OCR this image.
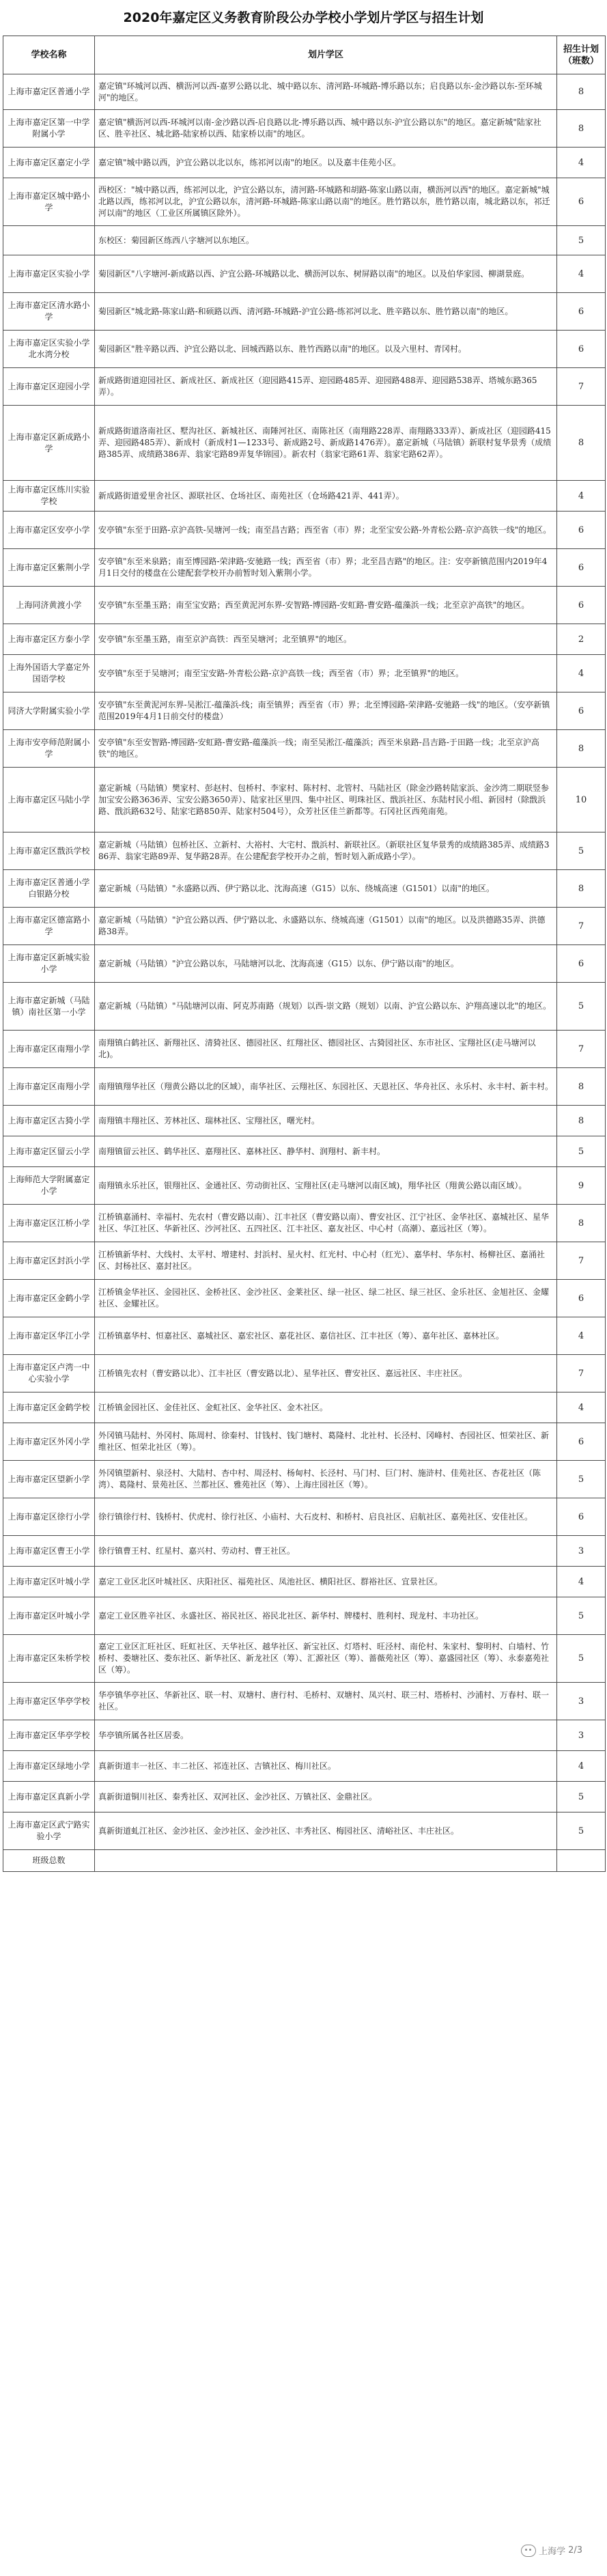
2020年嘉定区义务教育阶段公办学校小学划片学区与招生计划
学校名称	划片学区	招生计划（班数）
上海市嘉定区普通小学	嘉定镇"环城河以西、横沥河以西-嘉罗公路以北、城中路以东、清河路-环城路-博乐路以东；启良路以东-金沙路以东-至环城河"的地区。	8
上海市嘉定区第一中学附属小学	嘉定镇"横沥河以西-环城河以南-金沙路以西-启良路以北-博乐路以西、城中路以东-沪宜公路以东"的地区。嘉定新城"陆家社区、胜辛社区、城北路-陆家桥以西、陆家桥以南"的地区。	8
上海市嘉定区嘉定小学	嘉定镇"城中路以西，沪宜公路以北以东，练祁河以南"的地区。以及嘉丰佳苑小区。	4
上海市嘉定区城中路小学	西校区："城中路以西，练祁河以北，沪宜公路以东，清河路-环城路和胡路-陈家山路以南，横沥河以西"的地区。嘉定新城"城北路以西，练祁河以北，沪宜公路以东，清河路-环城路-陈家山路以南"的地区。胜竹路以东，胜竹路以南，城北路以东，祁迁河以南"的地区（工业区所属镇区除外）。	6
	东校区：菊园新区练西八字塘河以东地区。	5
上海市嘉定区实验小学	菊园新区"八字塘河-新成路以西、沪宜公路-环城路以北、横沥河以东、树屏路以南"的地区。以及伯华家园、柳湖景庭。	4
上海市嘉定区清水路小学	菊园新区"城北路-陈家山路-和硕路以西、清河路-环城路-沪宜公路-练祁河以北、胜辛路以东、胜竹路以南"的地区。	6
上海市嘉定区实验小学北水湾分校	菊园新区"胜辛路以西、沪宜公路以北、回城西路以东、胜竹西路以南"的地区。以及六里村、青冈村。	6
上海市嘉定区迎园小学	新成路街道迎园社区、新成社区、新成社区（迎园路415弄、迎园路485弄、迎园路488弄、迎园路538弄、塔城东路365弄）。	7
上海市嘉定区新成路小学	新成路街道洛南社区、墅沟社区、新城社区、南陲河社区、南陈社区（南翔路228弄、南翔路333弄）、新成社区（迎园路415弄、迎园路485弄）、新成村（新成村1—1233号、新成路2号、新成路1476弄）。嘉定新城（马陆镇）新联村复华景秀（成绩路385弄、成绩路386弄、翁家宅路89弄复华锦园）。新农村（翁家宅路61弄、翁家宅路62弄）。	8
上海市嘉定区练川实验学校	新成路街道爱里舍社区、源联社区、仓场社区、南苑社区（仓场路421弄、441弄）。	4
上海市嘉定区安亭小学	安亭镇"东至于田路-京沪高铁-吴塘河一线；南至昌吉路；西至省（市）界；北至宝安公路-外青松公路-京沪高铁一线"的地区。	6
上海市嘉定区紫荆小学	安亭镇"东至米泉路；南至博园路-荣津路-安驰路一线；西至省（市）界；北至昌吉路"的地区。注：安亭新镇范围内2019年4月1日交付的楼盘在公建配套学校开办前暂时划入紫荆小学。	6
上海同济黄渡小学	安亭镇"东至墨玉路；南至宝安路；西至黄泥河东界-安智路-博园路-安虹路-曹安路-蕴藻浜一线；北至京沪高铁"的地区。	6
上海市嘉定区方泰小学	安亭镇"东至墨玉路，南至京沪高铁：西至吴塘河；北至镇界"的地区。	2
上海外国语大学嘉定外国语学校	安亭镇"东至于吴塘河；南至宝安路-外青松公路-京沪高铁一线；西至省（市）界；北至镇界"的地区。	4
同济大学附属实验小学	安亭镇"东至黄泥河东界-吴淞江-蕴藻浜-线；南至镇界；西至省（市）界；北至博园路-荣津路-安驰路一线"的地区。（安亭新镇范围2019年4月1日前交付的楼盘）	6
上海市安亭师范附属小学	安亭镇"东至安智路-博园路-安虹路-曹安路-蕴藻浜一线；南至吴淞江-蕴藻浜；西至米泉路-昌吉路-于田路一线；北至京沪高铁"的地区。	8
上海市嘉定区马陆小学	嘉定新城（马陆镇）樊家村、彭赵村、包桥村、李家村、陈村村、北管村、马陆社区（除金沙路转陆家浜、金沙湾二期联竖参加宝安公路3636弄、宝安公路3650弄）、陆家社区里四、集中社区、明珠社区、戬浜社区、东陆村民小组、新园村（除戬浜路、戬浜路632号、陆家宅路850弄、陆家村504号），众芳社区佳兰新都等。石冈社区西苑南苑。	10
上海市嘉定区戬浜学校	嘉定新城（马陆镇）包桥社区、立新村、大裕村、大宅村、戬浜村、新联社区。（新联社区复华景秀的成绩路385弄、成绩路386弄、翁家宅路89弄、复华路28弄。在公建配套学校开办之前，暂时划入新成路小学）。	5
上海市嘉定区普通小学白银路分校	嘉定新城（马陆镇）"永盛路以西、伊宁路以北、沈海高速（G15）以东、绕城高速（G1501）以南"的地区。	8
上海市嘉定区德富路小学	嘉定新城（马陆镇）"沪宜公路以西、伊宁路以北、永盛路以东、绕城高速（G1501）以南"的地区。以及洪德路35弄、洪德路38弄。	7
上海市嘉定区新城实验小学	嘉定新城（马陆镇）"沪宜公路以东，马陆塘河以北、沈海高速（G15）以东、伊宁路以南"的地区。	6
上海市嘉定新城（马陆镇）南社区第一小学	嘉定新城（马陆镇）"马陆塘河以南、阿克苏南路（规划）以西-崇文路（规划）以南、沪宜公路以东、沪翔高速以北"的地区。	5
上海市嘉定区南翔小学	南翔镇白鹤社区、新翔社区、清猗社区、德园社区、红翔社区、德园社区、古猗园社区、东市社区、宝翔社区(走马塘河以北)。	7
上海市嘉定区南翔小学	南翔镇翔华社区（翔黄公路以北的区域），南华社区、云翔社区、东园社区、天恩社区、华舟社区、永乐村、永丰村、新丰村。	8
上海市嘉定区古猗小学	南翔镇丰翔社区、芳林社区、瑞林社区、宝翔社区，曙光村。	8
上海市嘉定区留云小学	南翔镇留云社区、鹤华社区、嘉翔社区、嘉林社区、静华村、润翔村、新丰村。	5
上海师范大学附属嘉定小学	南翔镇永乐社区，银翔社区、金通社区、劳动街社区、宝翔社区(走马塘河以南区域)，翔华社区（翔黄公路以南区域）。	9
上海市嘉定区江桥小学	江桥镇嘉涌村、幸福村、先农村（曹安路以南）、江丰社区（曹安路以南）、曹安社区、江宁社区、金华社区、嘉城社区、星华社区、华江社区、华新社区、沙河社区、五四社区、江丰社区、嘉友社区、中心村（高潮）、嘉远社区（筹）。	8
上海市嘉定区封浜小学	江桥镇新华村、大线村、太平村、增建村、封浜村、星火村、红光村、中心村（红光）、嘉华村、华东村、杨柳社区、嘉涌社区、封杨社区、嘉封社区。	7
上海市嘉定区金鹤小学	江桥镇金华社区、金园社区、金桥社区、金沙社区、金莱社区、绿一社区、绿二社区、绿三社区、金乐社区、金旭社区、金耀社区、金耀社区。	6
上海市嘉定区华江小学	江桥镇嘉华村、恒嘉社区、嘉城社区、嘉宏社区、嘉花社区、嘉信社区、江丰社区（筹）、嘉年社区、嘉林社区。	4
上海市嘉定区卢湾一中心实验小学	江桥镇先农村（曹安路以北）、江丰社区（曹安路以北）、星华社区、曹安社区、嘉远社区、丰庄社区。	7
上海市嘉定区金鹤学校	江桥镇金园社区、金佳社区、金虹社区、金华社区、金木社区。	4
上海市嘉定区外冈小学	外冈镇马陆村、外冈村、陈周村、徐秦村、甘钱村、钱门塘村、葛隆村、北社村、长泾村、冈峰村、杏园社区、恒荣社区、新维社区、恒荣北社区（筹）。	6
上海市嘉定区望新小学	外冈镇望新村、泉泾村、大陆村、杏中村、周泾村、杨甸村、长泾村、马门村、巨门村、施浒村、佳苑社区、杏花社区（陈湾）、葛隆村、景苑社区、兰都社区、雅苑社区（筹）、上海庄园社区（筹）。	5
上海市嘉定区徐行小学	徐行镇徐行村、钱桥村、伏虎村、徐行社区、小庙村、大石皮村、和桥村、启良社区、启航社区、嘉苑社区、安佳社区。	6
上海市嘉定区曹王小学	徐行镇曹王村、红星村、嘉兴村、劳动村、曹王社区。	3
上海市嘉定区叶城小学	嘉定工业区北区叶城社区、庆阳社区、福苑社区、凤池社区、横阳社区、群裕社区、宜景社区。	4
上海市嘉定区叶城小学	嘉定工业区胜辛社区、永盛社区、裕民社区、裕民北社区、新华村、牌楼村、胜利村、现龙村、丰功社区。	5
上海市嘉定区朱桥学校	嘉定工业区汇旺社区、旺虹社区、天华社区、越华社区、新宝社区、灯塔村、旺泾村、南伦村、朱家村、黎明村、白墙村、竹桥村、娄塘社区、娄东社区、新华社区、新龙社区（筹）、汇源社区（筹）、蔷薇苑社区（筹）、嘉盛园社区（筹）、永泰嘉苑社区（筹）。	5
上海市嘉定区华亭学校	华亭镇华亭社区、华新社区、联一村、双塘村、唐行村、毛桥村、双塘村、凤兴村、联三村、塔桥村、沙浦村、万春村、联一社区。	3
上海市嘉定区华亭学校	华亭镇所属各社区居委。	3
上海市嘉定区绿地小学	真新街道丰一社区、丰二社区、祁连社区、吉镇社区、梅川社区。	4
上海市嘉定区真新小学	真新街道铜川社区、秦秀社区、双河社区、金沙社区、万镇社区、金鼎社区。	5
上海市嘉定区武宁路实验小学	真新街道虬江社区、金沙社区、金沙社区、金沙社区、丰秀社区、梅园社区、清峪社区、丰庄社区。	5
班级总数		
上海学 2/3
